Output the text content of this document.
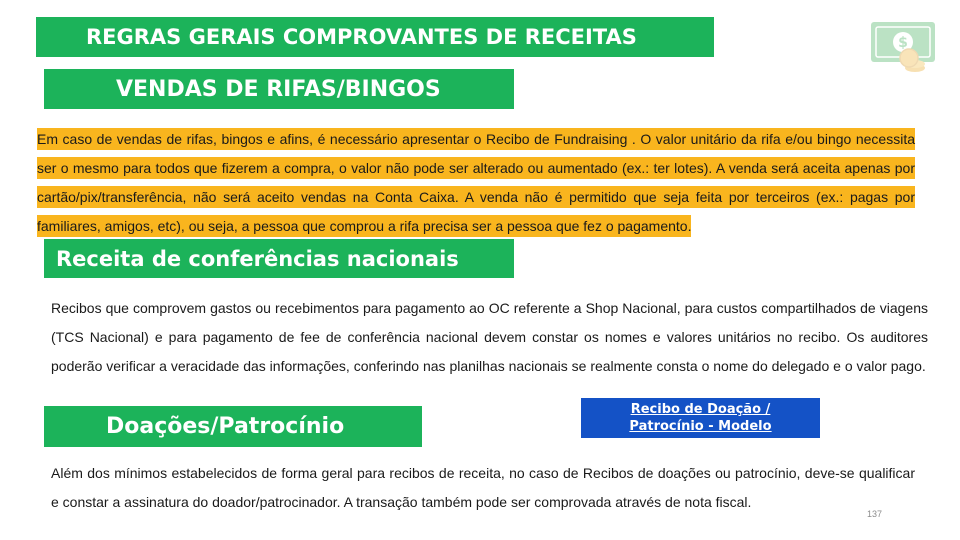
REGRAS GERAIS COMPROVANTES DE RECEITAS
VENDAS DE RIFAS/BINGOS

Em caso de vendas de rifas, bingos e afins, é necessário apresentar o Recibo de Fundraising . O valor unitário da rifa e/ou bingo necessita ser o mesmo para todos que fizerem a compra, o valor não pode ser alterado ou aumentado (ex.: ter lotes). A venda será aceita apenas por cartão/pix/transferência, não será aceito vendas na Conta Caixa. A venda não é permitido que seja feita por terceiros (ex.: pagas por familiares, amigos, etc), ou seja, a pessoa que comprou a rifa precisa ser a pessoa que fez o pagamento.

Receita de conferências nacionais

Recibos que comprovem gastos ou recebimentos para pagamento ao OC referente a Shop Nacional, para custos compartilhados de viagens (TCS Nacional) e para pagamento de fee de conferência nacional devem constar os nomes e valores unitários no recibo. Os auditores poderão verificar a veracidade das informações, conferindo nas planilhas nacionais se realmente consta o nome do delegado e o valor pago.

Doações/Patrocínio
Recibo de Doação /
Patrocínio - Modelo

Além dos mínimos estabelecidos de forma geral para recibos de receita, no caso de Recibos de doações ou patrocínio, deve-se qualificar e constar a assinatura do doador/patrocinador. A transação também pode ser comprovada através de nota fiscal.

137
$
